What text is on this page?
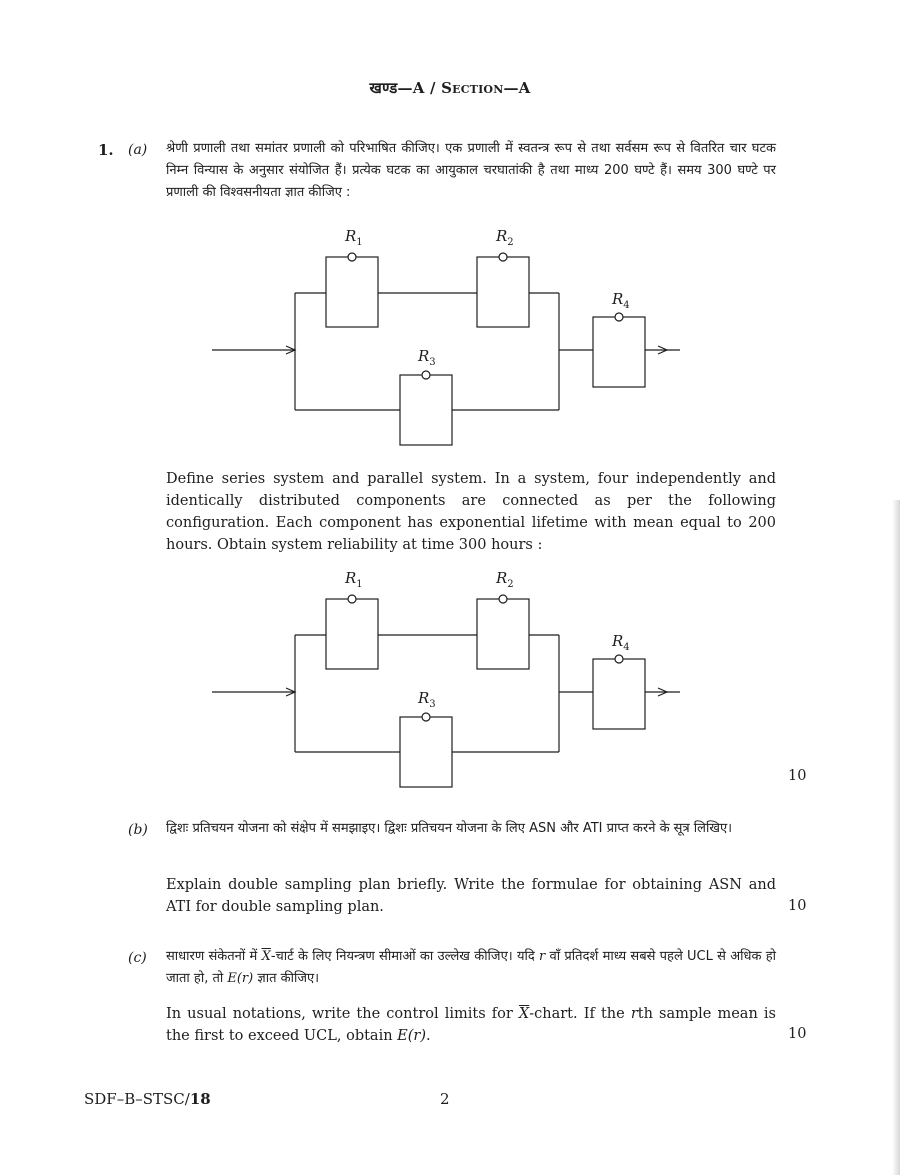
खण्ड—A / Section—A
1. (a) श्रेणी प्रणाली तथा समांतर प्रणाली को परिभाषित कीजिए। एक प्रणाली में स्वतन्त्र रूप से तथा सर्वसम रूप से वितरित चार घटक निम्न विन्यास के अनुसार संयोजित हैं। प्रत्येक घटक का आयुकाल चरघातांकी है तथा माध्य 200 घण्टे हैं। समय 300 घण्टे पर प्रणाली की विश्वसनीयता ज्ञात कीजिए :
$R_1$	$R_2$
$R_3$
$R_4$
Define series system and parallel system. In a system, four independently and identically distributed components are connected as per the following configuration. Each component has exponential lifetime with mean equal to 200 hours. Obtain system reliability at time 300 hours :
$R_1$	$R_2$
$R_3$
$R_4$
10
(b) द्विशः प्रतिचयन योजना को संक्षेप में समझाइए। द्विशः प्रतिचयन योजना के लिए ASN और ATI प्राप्त करने के सूत्र लिखिए।
Explain double sampling plan briefly. Write the formulae for obtaining ASN and ATI for double sampling plan.	10
(c) साधारण संकेतनों में $\overline{X}-चार्ट$ के लिए नियन्त्रण सीमाओं का उल्लेख कीजिए। यदि r वाँ प्रतिदर्श माध्य सबसे पहले UCL से अधिक हो जाता हो, तो E(r) ज्ञात कीजिए।
In usual notations, write the control limits for $\overline{X}$-chart. If the rth sample mean is the first to exceed UCL, obtain E(r).	10
SDF–B–STSC/18	2
